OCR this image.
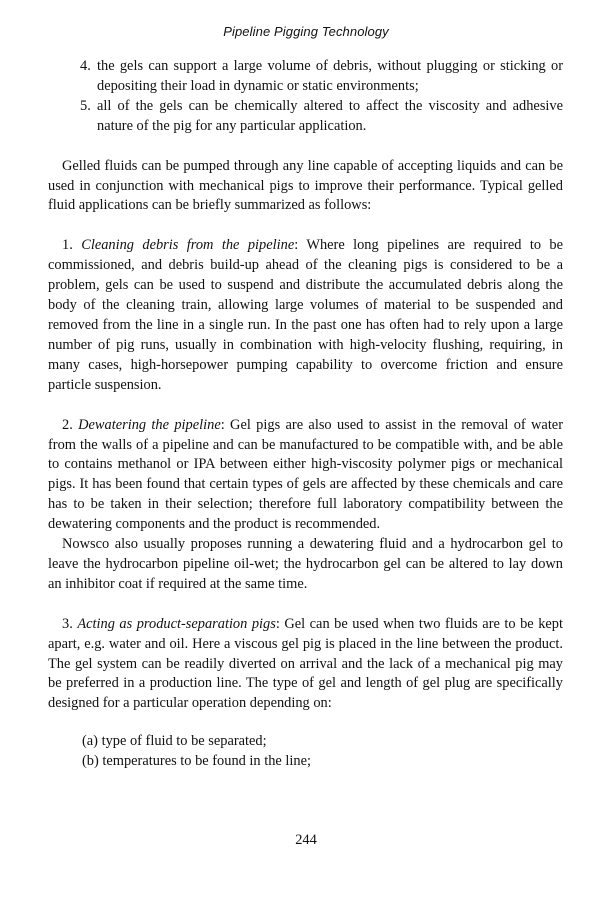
Pipeline Pigging Technology
4. the gels can support a large volume of debris, without plugging or sticking or depositing their load in dynamic or static environments;
5. all of the gels can be chemically altered to affect the viscosity and adhesive nature of the pig for any particular application.

Gelled fluids can be pumped through any line capable of accepting liquids and can be used in conjunction with mechanical pigs to improve their performance. Typical gelled fluid applications can be briefly summarized as follows:

1. Cleaning debris from the pipeline: Where long pipelines are required to be commissioned, and debris build-up ahead of the cleaning pigs is considered to be a problem, gels can be used to suspend and distribute the accumulated debris along the body of the cleaning train, allowing large volumes of material to be suspended and removed from the line in a single run. In the past one has often had to rely upon a large number of pig runs, usually in combination with high-velocity flushing, requiring, in many cases, high-horsepower pumping capability to overcome friction and ensure particle suspension.

2. Dewatering the pipeline: Gel pigs are also used to assist in the removal of water from the walls of a pipeline and can be manufactured to be compatible with, and be able to contains methanol or IPA between either high-viscosity polymer pigs or mechanical pigs. It has been found that certain types of gels are affected by these chemicals and care has to be taken in their selection; therefore full laboratory compatibility between the dewatering components and the product is recommended.

Nowsco also usually proposes running a dewatering fluid and a hydrocarbon gel to leave the hydrocarbon pipeline oil-wet; the hydrocarbon gel can be altered to lay down an inhibitor coat if required at the same time.

3. Acting as product-separation pigs: Gel can be used when two fluids are to be kept apart, e.g. water and oil. Here a viscous gel pig is placed in the line between the product. The gel system can be readily diverted on arrival and the lack of a mechanical pig may be preferred in a production line. The type of gel and length of gel plug are specifically designed for a particular operation depending on:

(a) type of fluid to be separated;
(b) temperatures to be found in the line;
244
